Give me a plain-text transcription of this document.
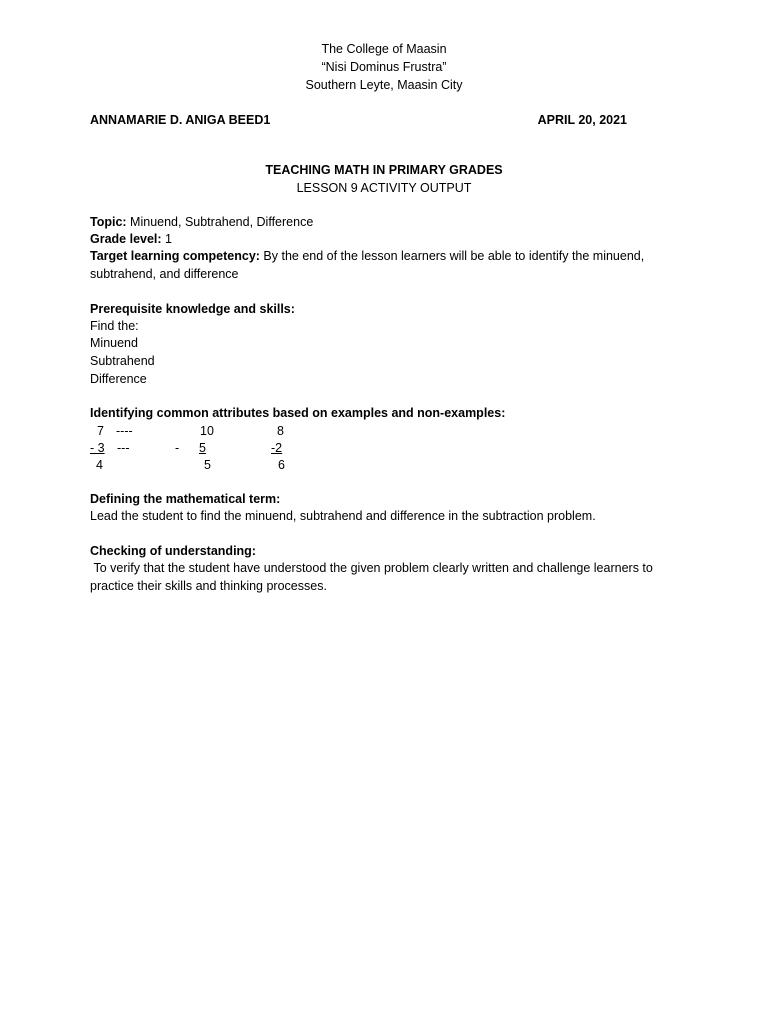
The College of Maasin
“Nisi Dominus Frustra”
Southern Leyte, Maasin City
ANNAMARIE D. ANIGA BEED1	APRIL 20, 2021
TEACHING MATH IN PRIMARY GRADES
LESSON 9 ACTIVITY OUTPUT
Topic: Minuend, Subtrahend, Difference
Grade level: 1
Target learning competency: By the end of the lesson learners will be able to identify the minuend, subtrahend, and difference
Prerequisite knowledge and skills:
Find the:
Minuend
Subtrahend
Difference
Identifying common attributes based on examples and non-examples:
7 ----
- 3 ---
4
10
-	5
5
8
-2
6
Defining the mathematical term:
Lead the student to find the minuend, subtrahend and difference in the subtraction problem.
Checking of understanding:
To verify that the student have understood the given problem clearly written and challenge learners to practice their skills and thinking processes.
